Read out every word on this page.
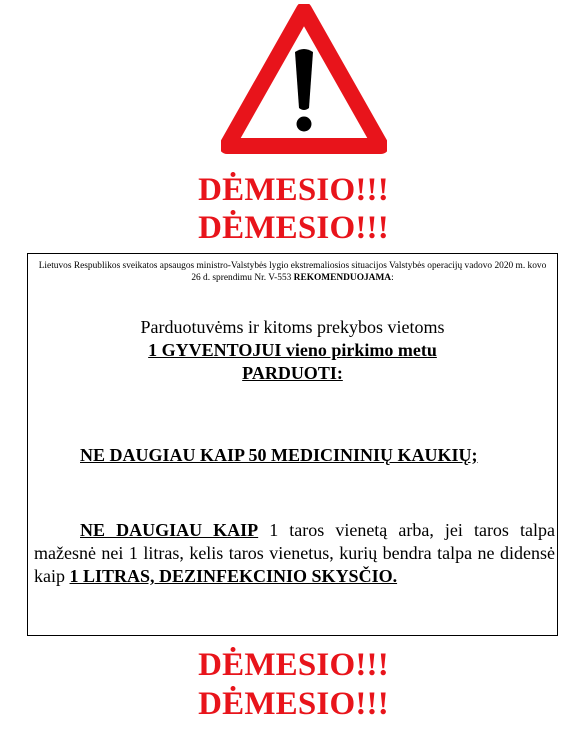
DĖMESIO!!!
DĖMESIO!!!
Lietuvos Respublikos sveikatos apsaugos ministro-Valstybės lygio ekstremaliosios situacijos Valstybės operacijų vadovo 2020 m. kovo 26 d. sprendimu Nr. V-553 REKOMENDUOJAMA:
Parduotuvėms ir kitoms prekybos vietoms
1 GYVENTOJUI vieno pirkimo metu
PARDUOTI:
NE DAUGIAU KAIP 50 MEDICININIŲ KAUKIŲ;
NE DAUGIAU KAIP 1 taros vienetą arba, jei taros talpa mažesnė nei 1 litras, kelis taros vienetus, kurių bendra talpa ne didensė kaip 1 LITRAS, DEZINFEKCINIO SKYSČIO.
DĖMESIO!!!
DĖMESIO!!!
